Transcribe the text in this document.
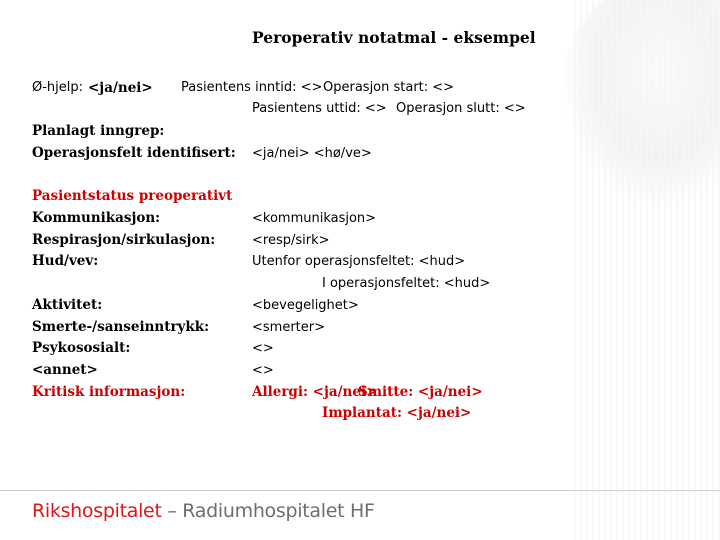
Peroperativ notatmal - eksempel
Ø-hjelp: <ja/nei> Pasientens inntid: <> Operasjon start: <>
Pasientens uttid: <> Operasjon slutt: <>
Planlagt inngrep:
Operasjonsfelt identifisert: <ja/nei> <hø/ve>
Pasientstatus preoperativt
Kommunikasjon:	<kommunikasjon>
Respirasjon/sirkulasjon:	<resp/sirk>
Hud/vev:	Utenfor operasjonsfeltet: <hud>
I operasjonsfeltet: <hud>
Aktivitet:	<bevegelighet>
Smerte-/sanseinntrykk:	<smerter>
Psykososialt:	<>
<annet>	<>
Kritisk informasjon:	Allergi: <ja/nei>
Smitte: <ja/nei>
Implantat: <ja/nei>
Rikshospitalet – Radiumhospitalet HF
